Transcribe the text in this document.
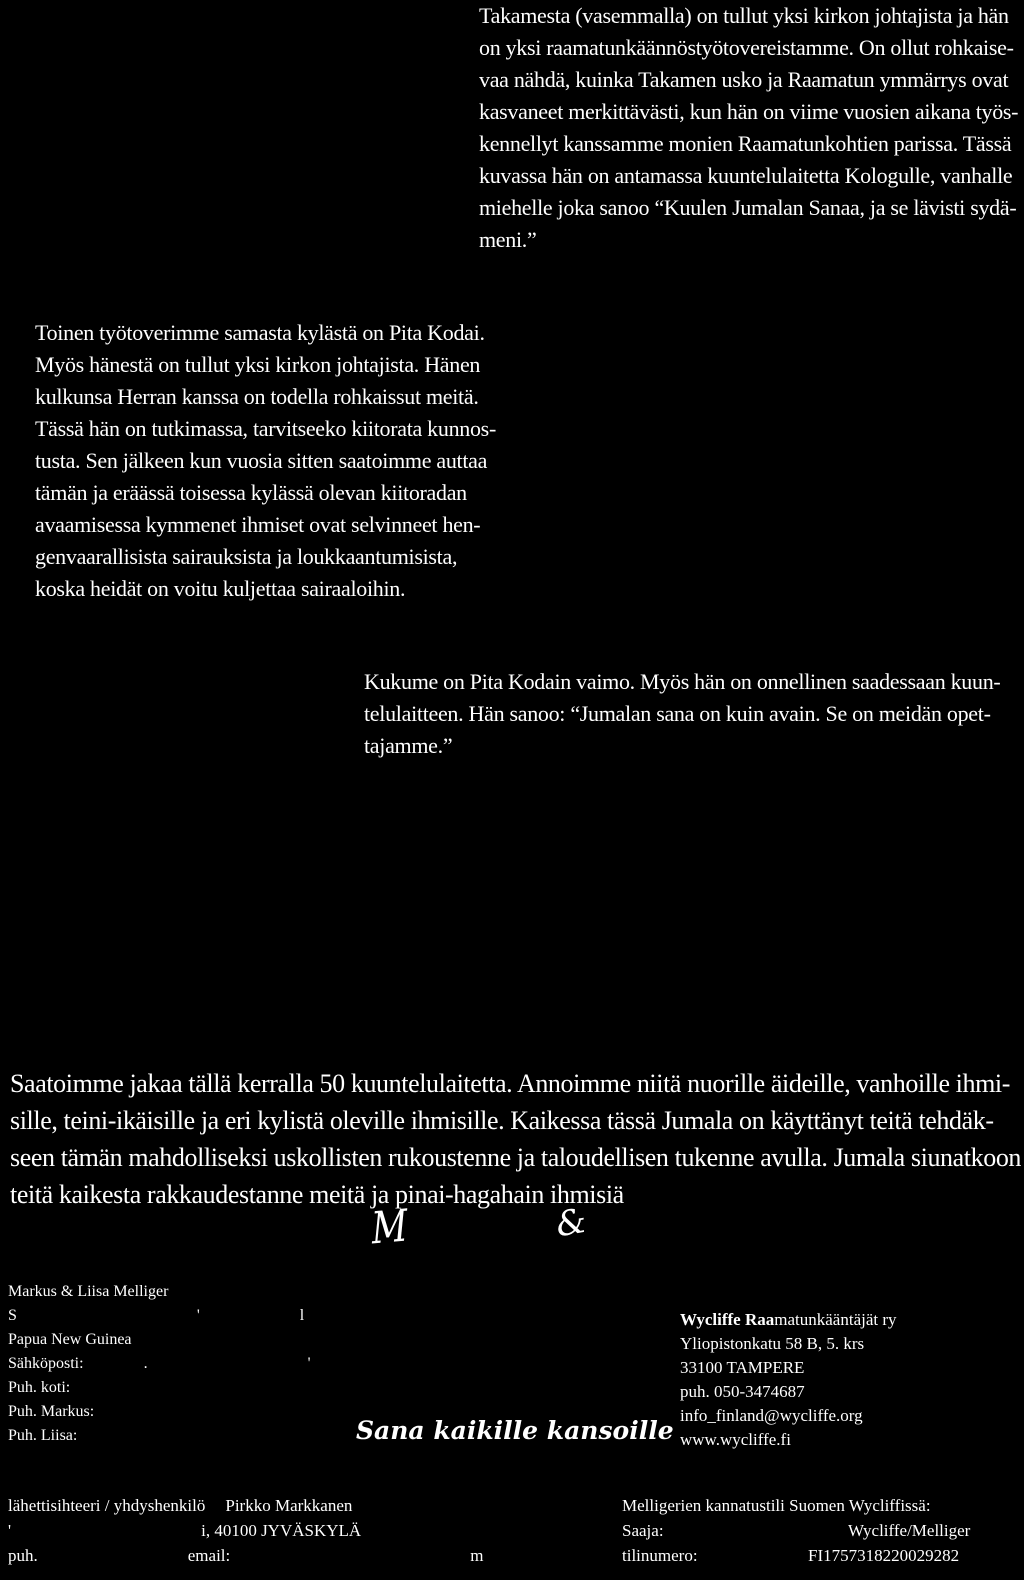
Takamesta (vasemmalla) on tullut yksi kirkon johtajista ja hän
on yksi raamatunkäännöstyötovereistamme. On ollut rohkaise-
vaa nähdä, kuinka Takamen usko ja Raamatun ymmärrys ovat
kasvaneet merkittävästi, kun hän on viime vuosien aikana työs-
kennellyt kanssamme monien Raamatunkohtien parissa. Tässä
kuvassa hän on antamassa kuuntelulaitetta Kologulle, vanhalle
miehelle joka sanoo “Kuulen Jumalan Sanaa, ja se lävisti sydä-
meni.”
Toinen työtoverimme samasta kylästä on Pita Kodai.
Myös hänestä on tullut yksi kirkon johtajista. Hänen
kulkunsa Herran kanssa on todella rohkaissut meitä.
Tässä hän on tutkimassa, tarvitseeko kiitorata kunnos-
tusta. Sen jälkeen kun vuosia sitten saatoimme auttaa
tämän ja eräässä toisessa kylässä olevan kiitoradan
avaamisessa kymmenet ihmiset ovat selvinneet hen-
genvaarallisista sairauksista ja loukkaantumisista,
koska heidät on voitu kuljettaa sairaaloihin.
Kukume on Pita Kodain vaimo. Myös hän on onnellinen saadessaan kuun-
telulaitteen. Hän sanoo: “Jumalan sana on kuin avain. Se on meidän opet-
tajamme.”
Saatoimme jakaa tällä kerralla 50 kuuntelulaitetta. Annoimme niitä nuorille äideille, vanhoille ihmi-
sille, teini-ikäisille ja eri kylistä oleville ihmisille. Kaikessa tässä Jumala on käyttänyt teitä tehdäk-
seen tämän mahdolliseksi uskollisten rukoustenne ja taloudellisen tukenne avulla. Jumala siunatkoon
teitä kaikesta rakkaudestanne meitä ja pinai-hagahain ihmisiä
M	&
Markus & Liisa Melliger
S	'	l
Papua New Guinea
Sähköposti:	.	'
Puh. koti:
Puh. Markus:
Puh. Liisa:	Sana kaikille kansoille
Wycliffe Raamatunkääntäjät ry
Yliopistonkatu 58 B, 5. krs
33100 TAMPERE
puh. 050-3474687
info_finland@wycliffe.org
www.wycliffe.fi
lähettisihteeri / yhdyshenkilö Pirkko Markkanen
'	i, 40100 JYVÄSKYLÄ
puh.	email:	m
Melligerien kannatustili Suomen Wycliffissä:
Saaja:	Wycliffe/Melliger
tilinumero:	FI1757318220029282
